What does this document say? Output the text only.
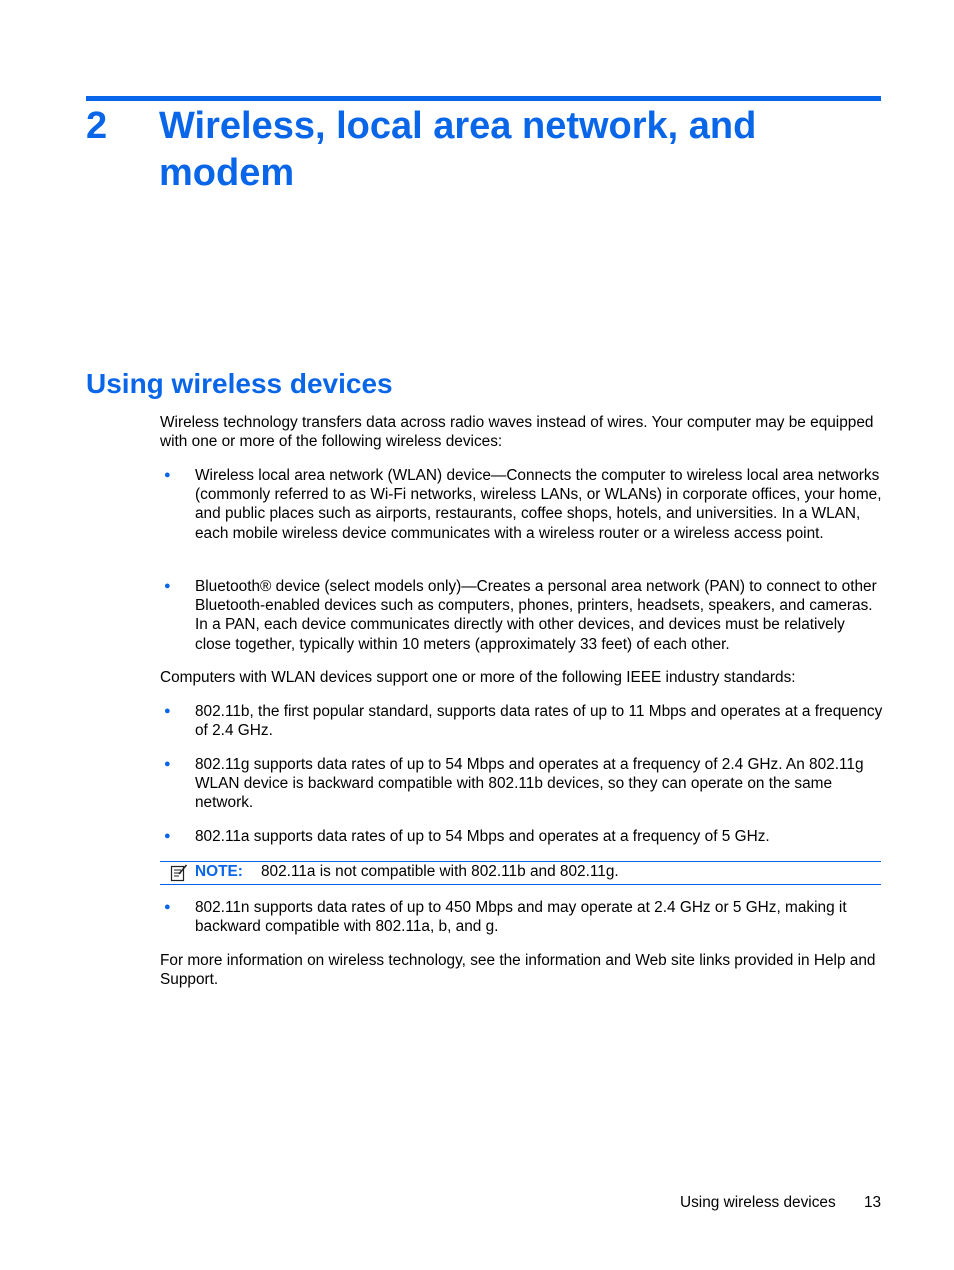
2 Wireless, local area network, and modem
Using wireless devices

Wireless technology transfers data across radio waves instead of wires. Your computer may be equipped with one or more of the following wireless devices:

● Wireless local area network (WLAN) device—Connects the computer to wireless local area networks (commonly referred to as Wi-Fi networks, wireless LANs, or WLANs) in corporate offices, your home, and public places such as airports, restaurants, coffee shops, hotels, and universities. In a WLAN, each mobile wireless device communicates with a wireless router or a wireless access point.
● Bluetooth® device (select models only)—Creates a personal area network (PAN) to connect to other Bluetooth-enabled devices such as computers, phones, printers, headsets, speakers, and cameras. In a PAN, each device communicates directly with other devices, and devices must be relatively close together, typically within 10 meters (approximately 33 feet) of each other.

Computers with WLAN devices support one or more of the following IEEE industry standards:

● 802.11b, the first popular standard, supports data rates of up to 11 Mbps and operates at a frequency of 2.4 GHz.
● 802.11g supports data rates of up to 54 Mbps and operates at a frequency of 2.4 GHz. An 802.11g WLAN device is backward compatible with 802.11b devices, so they can operate on the same network.
● 802.11a supports data rates of up to 54 Mbps and operates at a frequency of 5 GHz.
NOTE: 802.11a is not compatible with 802.11b and 802.11g.
● 802.11n supports data rates of up to 450 Mbps and may operate at 2.4 GHz or 5 GHz, making it backward compatible with 802.11a, b, and g.

For more information on wireless technology, see the information and Web site links provided in Help and Support.

Using wireless devices 13
